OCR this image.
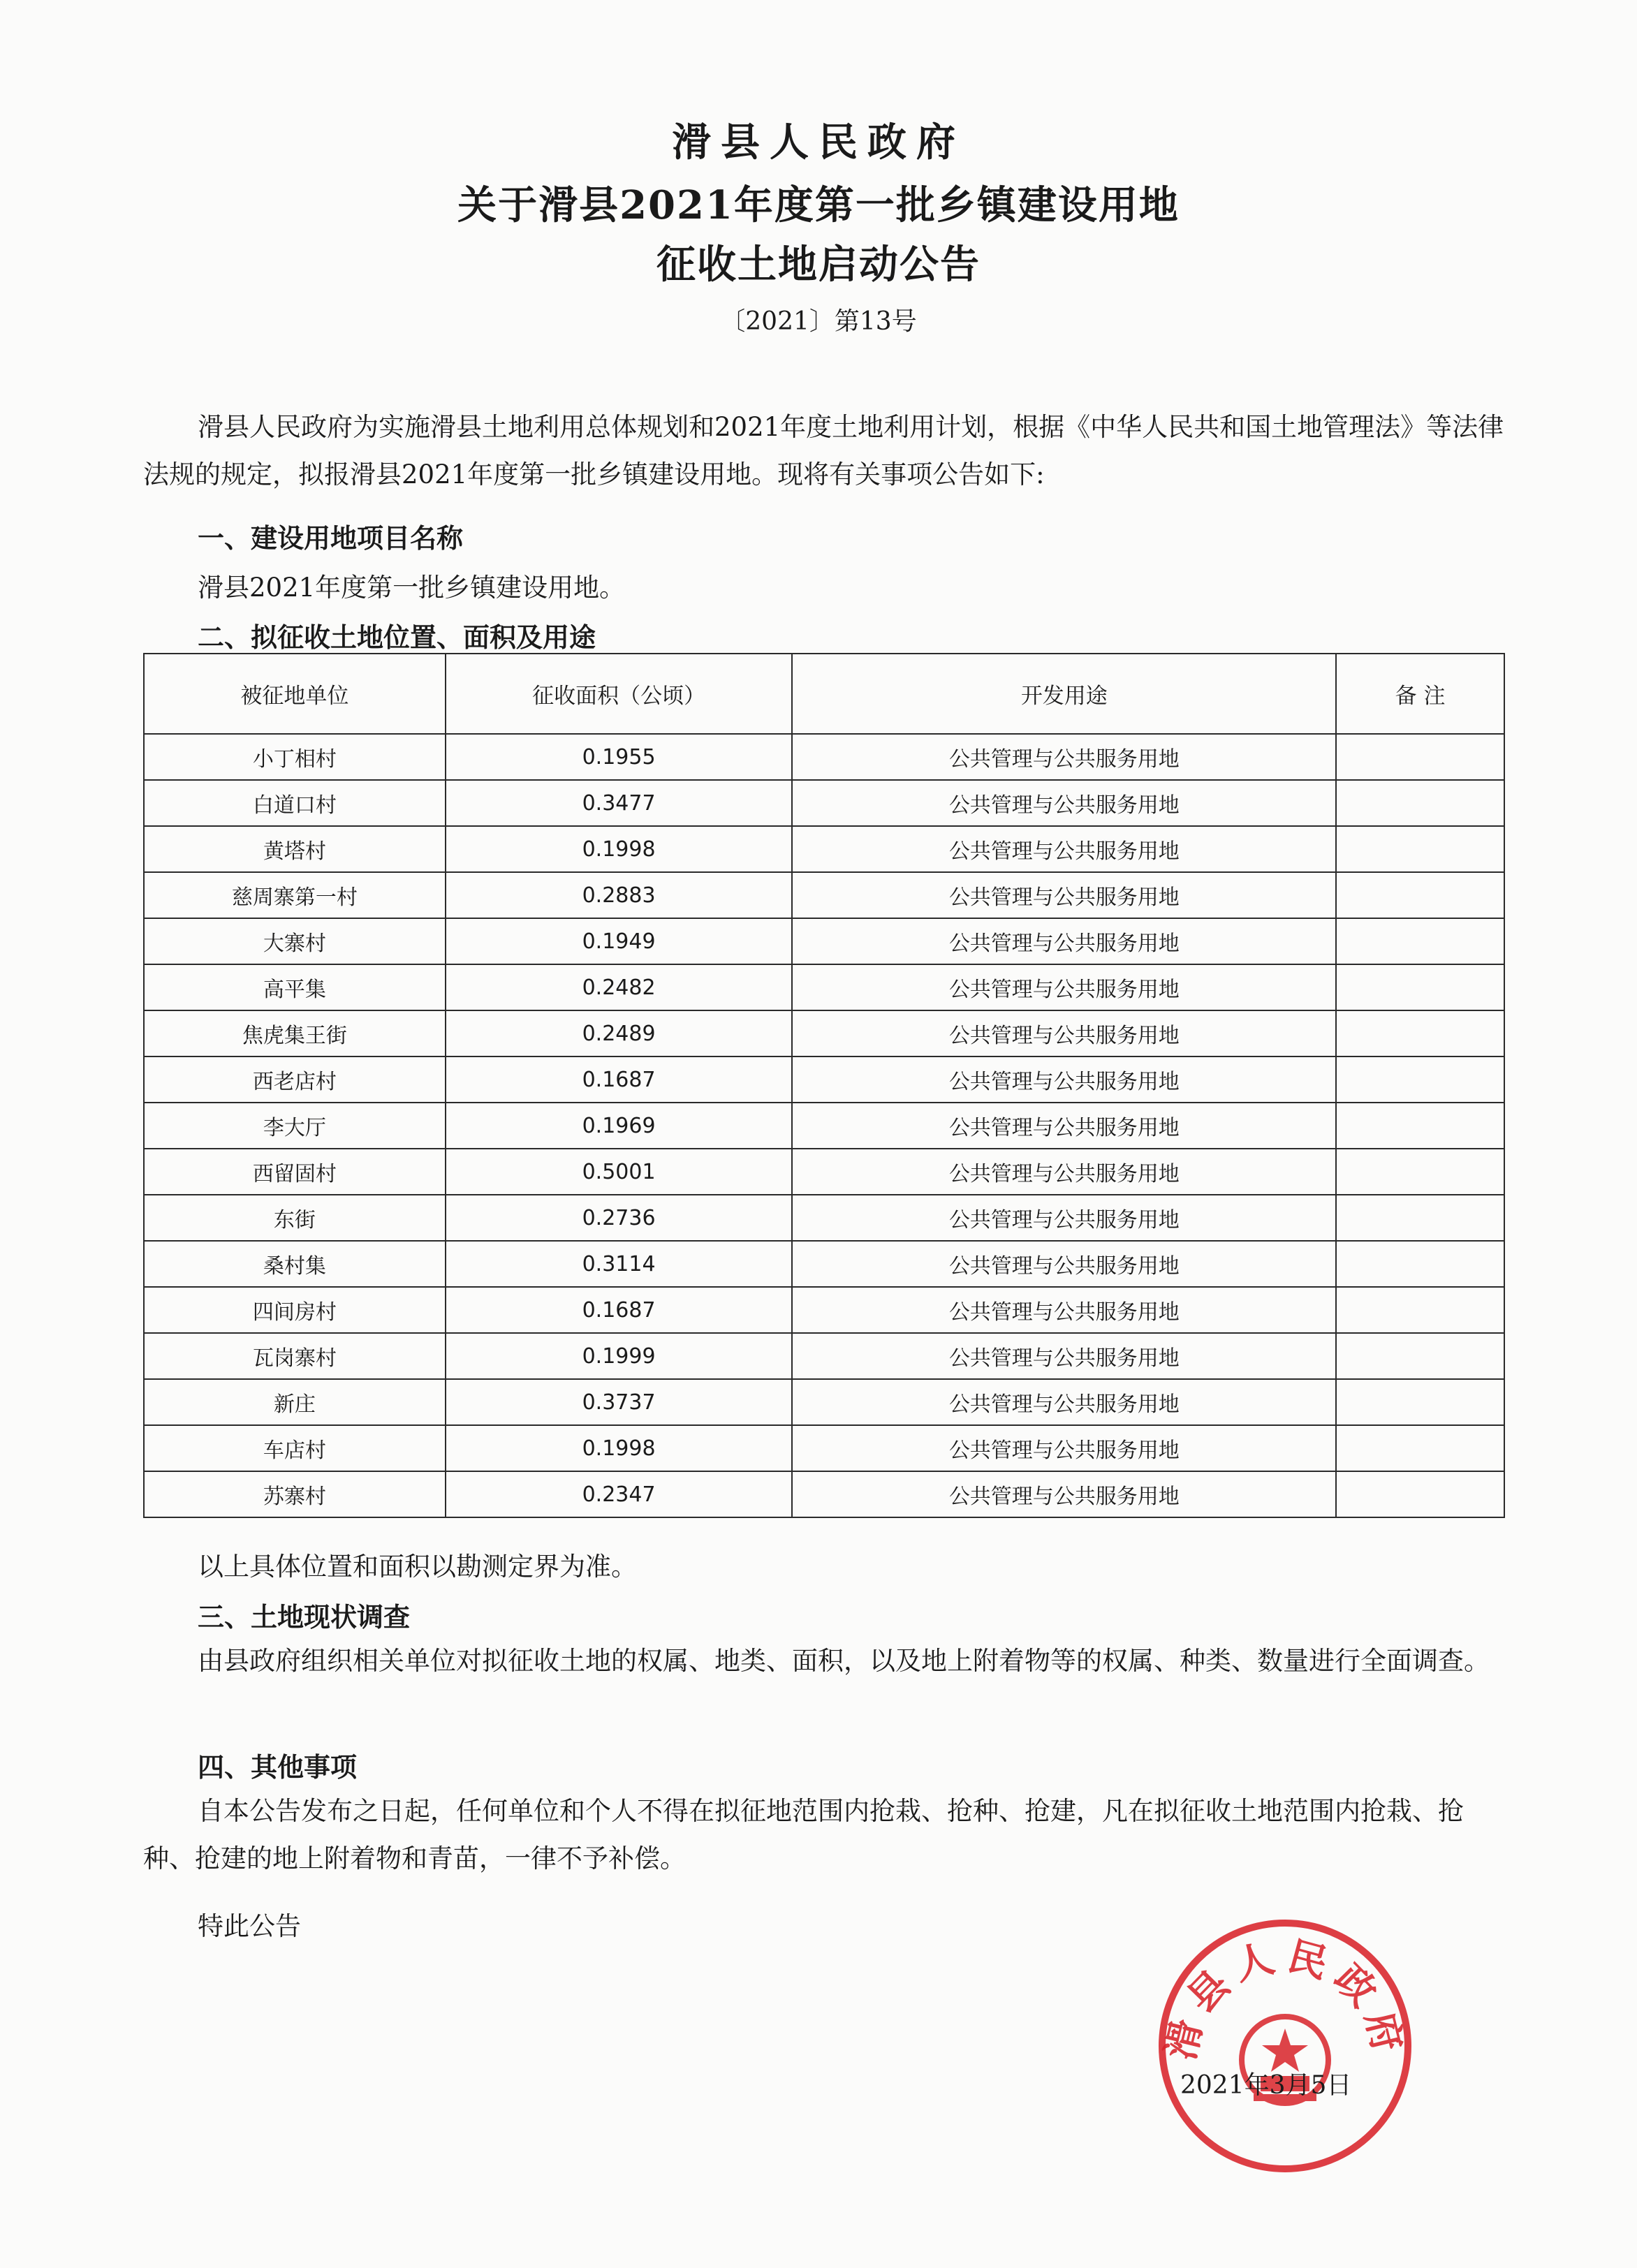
滑县人民政府
关于滑县2021年度第一批乡镇建设用地
征收土地启动公告
〔2021〕第13号
滑县人民政府为实施滑县土地利用总体规划和2021年度土地利用计划，根据《中华人民共和国土地管理法》等法律法规的规定，拟报滑县2021年度第一批乡镇建设用地。现将有关事项公告如下:
一、建设用地项目名称
滑县2021年度第一批乡镇建设用地。
二、拟征收土地位置、面积及用途
被征地单位	征收面积（公顷）	开发用途	备 注
小丁相村	0.1955	公共管理与公共服务用地	
白道口村	0.3477	公共管理与公共服务用地	
黄塔村	0.1998	公共管理与公共服务用地	
慈周寨第一村	0.2883	公共管理与公共服务用地	
大寨村	0.1949	公共管理与公共服务用地	
高平集	0.2482	公共管理与公共服务用地	
焦虎集王街	0.2489	公共管理与公共服务用地	
西老店村	0.1687	公共管理与公共服务用地	
李大厅	0.1969	公共管理与公共服务用地	
西留固村	0.5001	公共管理与公共服务用地	
东街	0.2736	公共管理与公共服务用地	
桑村集	0.3114	公共管理与公共服务用地	
四间房村	0.1687	公共管理与公共服务用地	
瓦岗寨村	0.1999	公共管理与公共服务用地	
新庄	0.3737	公共管理与公共服务用地	
车店村	0.1998	公共管理与公共服务用地	
苏寨村	0.2347	公共管理与公共服务用地	
以上具体位置和面积以勘测定界为准。
三、土地现状调查
由县政府组织相关单位对拟征收土地的权属、地类、面积，以及地上附着物等的权属、种类、数量进行全面调查。
四、其他事项
自本公告发布之日起，任何单位和个人不得在拟征地范围内抢栽、抢种、抢建，凡在拟征收土地范围内抢栽、抢种、抢建的地上附着物和青苗，一律不予补偿。
特此公告
滑县人民政府
2021年3月5日
